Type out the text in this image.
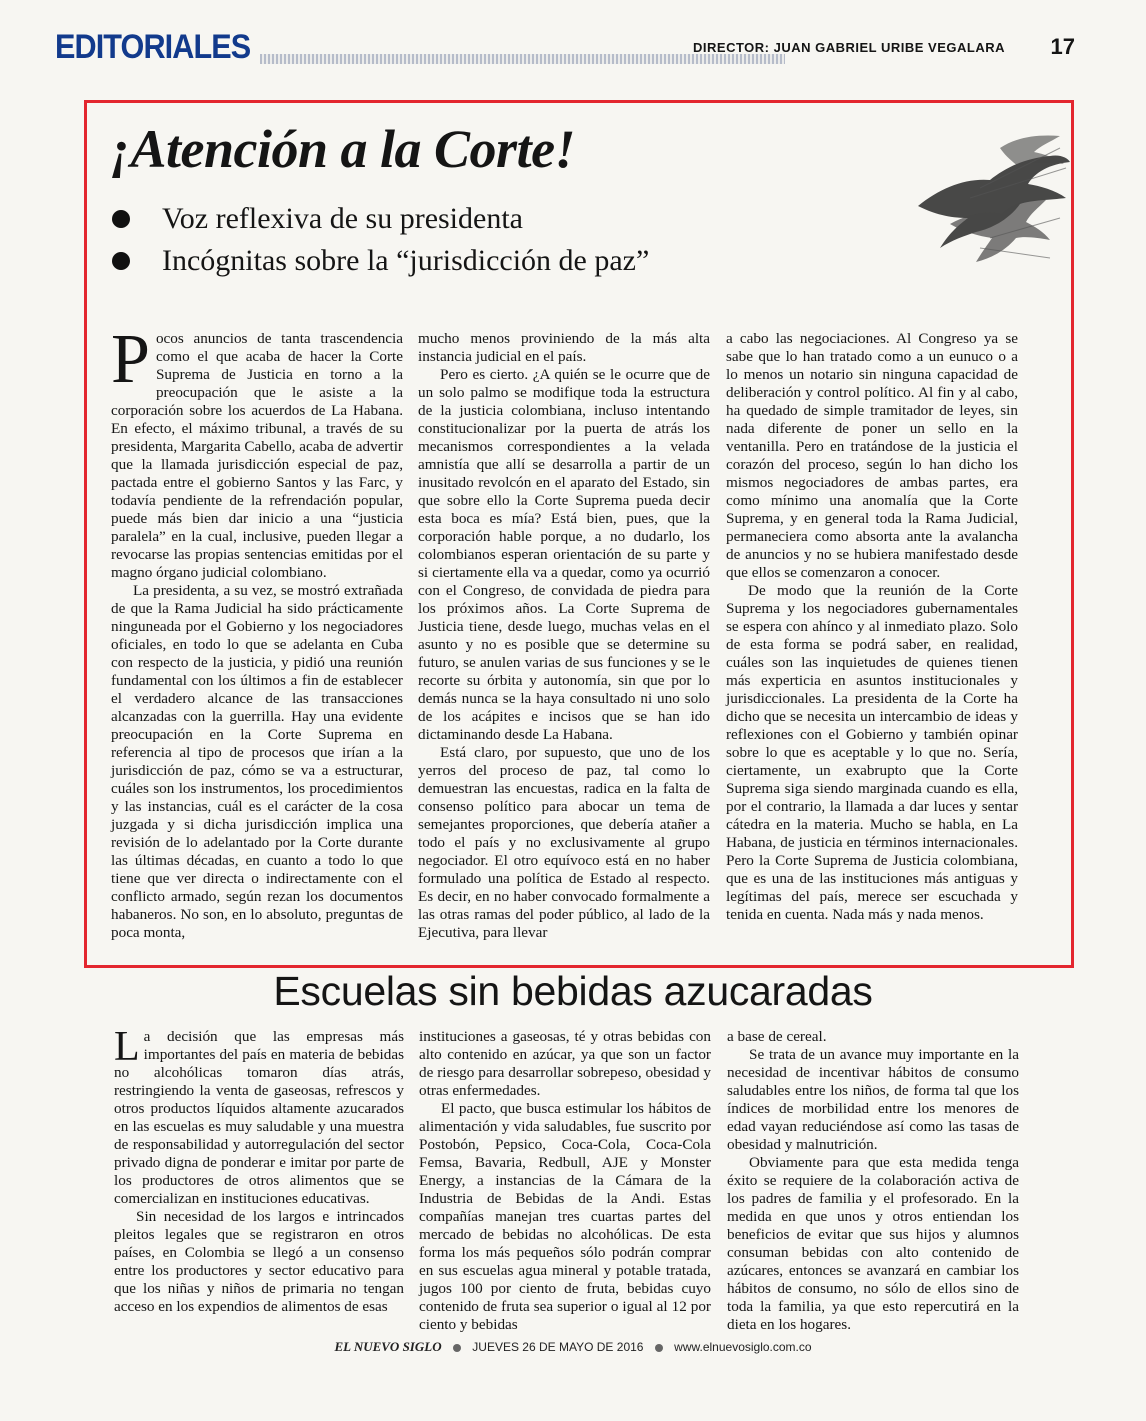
EDITORIALES	DIRECTOR: JUAN GABRIEL URIBE VEGALARA 17
¡Atención a la Corte!
Voz reflexiva de su presidenta
Incógnitas sobre la “jurisdicción de paz”

Pocos anuncios de tanta trascendencia como el que acaba de hacer la Corte Suprema de Justicia en torno a la preocupación que le asiste a la corporación sobre los acuerdos de La Habana. En efecto, el máximo tribunal, a través de su presidenta, Margarita Cabello, acaba de advertir que la llamada jurisdicción especial de paz, pactada entre el gobierno Santos y las Farc, y todavía pendiente de la refrendación popular, puede más bien dar inicio a una “justicia paralela” en la cual, inclusive, pueden llegar a revocarse las propias sentencias emitidas por el magno órgano judicial colombiano.

La presidenta, a su vez, se mostró extrañada de que la Rama Judicial ha sido prácticamente ninguneada por el Gobierno y los negociadores oficiales, en todo lo que se adelanta en Cuba con respecto de la justicia, y pidió una reunión fundamental con los últimos a fin de establecer el verdadero alcance de las transacciones alcanzadas con la guerrilla. Hay una evidente preocupación en la Corte Suprema en referencia al tipo de procesos que irían a la jurisdicción de paz, cómo se va a estructurar, cuáles son los instrumentos, los procedimientos y las instancias, cuál es el carácter de la cosa juzgada y si dicha jurisdicción implica una revisión de lo adelantado por la Corte durante las últimas décadas, en cuanto a todo lo que tiene que ver directa o indirectamente con el conflicto armado, según rezan los documentos habaneros. No son, en lo absoluto, preguntas de poca monta,

mucho menos proviniendo de la más alta instancia judicial en el país.

Pero es cierto. ¿A quién se le ocurre que de un solo palmo se modifique toda la estructura de la justicia colombiana, incluso intentando constitucionalizar por la puerta de atrás los mecanismos correspondientes a la velada amnistía que allí se desarrolla a partir de un inusitado revolcón en el aparato del Estado, sin que sobre ello la Corte Suprema pueda decir esta boca es mía? Está bien, pues, que la corporación hable porque, a no dudarlo, los colombianos esperan orientación de su parte y si ciertamente ella va a quedar, como ya ocurrió con el Congreso, de convidada de piedra para los próximos años. La Corte Suprema de Justicia tiene, desde luego, muchas velas en el asunto y no es posible que se determine su futuro, se anulen varias de sus funciones y se le recorte su órbita y autonomía, sin que por lo demás nunca se la haya consultado ni uno solo de los acápites e incisos que se han ido dictaminando desde La Habana.

Está claro, por supuesto, que uno de los yerros del proceso de paz, tal como lo demuestran las encuestas, radica en la falta de consenso político para abocar un tema de semejantes proporciones, que debería atañer a todo el país y no exclusivamente al grupo negociador. El otro equívoco está en no haber formulado una política de Estado al respecto. Es decir, en no haber convocado formalmente a las otras ramas del poder público, al lado de la Ejecutiva, para llevar

a cabo las negociaciones. Al Congreso ya se sabe que lo han tratado como a un eunuco o a lo menos un notario sin ninguna capacidad de deliberación y control político. Al fin y al cabo, ha quedado de simple tramitador de leyes, sin nada diferente de poner un sello en la ventanilla. Pero en tratándose de la justicia el corazón del proceso, según lo han dicho los mismos negociadores de ambas partes, era como mínimo una anomalía que la Corte Suprema, y en general toda la Rama Judicial, permaneciera como absorta ante la avalancha de anuncios y no se hubiera manifestado desde que ellos se comenzaron a conocer.

De modo que la reunión de la Corte Suprema y los negociadores gubernamentales se espera con ahínco y al inmediato plazo. Solo de esta forma se podrá saber, en realidad, cuáles son las inquietudes de quienes tienen más experticia en asuntos institucionales y jurisdiccionales. La presidenta de la Corte ha dicho que se necesita un intercambio de ideas y reflexiones con el Gobierno y también opinar sobre lo que es aceptable y lo que no. Sería, ciertamente, un exabrupto que la Corte Suprema siga siendo marginada cuando es ella, por el contrario, la llamada a dar luces y sentar cátedra en la materia. Mucho se habla, en La Habana, de justicia en términos internacionales. Pero la Corte Suprema de Justicia colombiana, que es una de las instituciones más antiguas y legítimas del país, merece ser escuchada y tenida en cuenta. Nada más y nada menos.

Escuelas sin bebidas azucaradas

La decisión que las empresas más importantes del país en materia de bebidas no alcohólicas tomaron días atrás, restringiendo la venta de gaseosas, refrescos y otros productos líquidos altamente azucarados en las escuelas es muy saludable y una muestra de responsabilidad y autorregulación del sector privado digna de ponderar e imitar por parte de los productores de otros alimentos que se comercializan en instituciones educativas.

Sin necesidad de los largos e intrincados pleitos legales que se registraron en otros países, en Colombia se llegó a un consenso entre los productores y sector educativo para que los niñas y niños de primaria no tengan acceso en los expendios de alimentos de esas

instituciones a gaseosas, té y otras bebidas con alto contenido en azúcar, ya que son un factor de riesgo para desarrollar sobrepeso, obesidad y otras enfermedades.

El pacto, que busca estimular los hábitos de alimentación y vida saludables, fue suscrito por Postobón, Pepsico, Coca-Cola, Coca-Cola Femsa, Bavaria, Redbull, AJE y Monster Energy, a instancias de la Cámara de la Industria de Bebidas de la Andi. Estas compañías manejan tres cuartas partes del mercado de bebidas no alcohólicas. De esta forma los más pequeños sólo podrán comprar en sus escuelas agua mineral y potable tratada, jugos 100 por ciento de fruta, bebidas cuyo contenido de fruta sea superior o igual al 12 por ciento y bebidas

a base de cereal.

Se trata de un avance muy importante en la necesidad de incentivar hábitos de consumo saludables entre los niños, de forma tal que los índices de morbilidad entre los menores de edad vayan reduciéndose así como las tasas de obesidad y malnutrición.

Obviamente para que esta medida tenga éxito se requiere de la colaboración activa de los padres de familia y el profesorado. En la medida en que unos y otros entiendan los beneficios de evitar que sus hijos y alumnos consuman bebidas con alto contenido de azúcares, entonces se avanzará en cambiar los hábitos de consumo, no sólo de ellos sino de toda la familia, ya que esto repercutirá en la dieta en los hogares.

EL NUEVO SIGLO	JUEVES 26 DE MAYO DE 2016	www.elnuevosiglo.com.co
